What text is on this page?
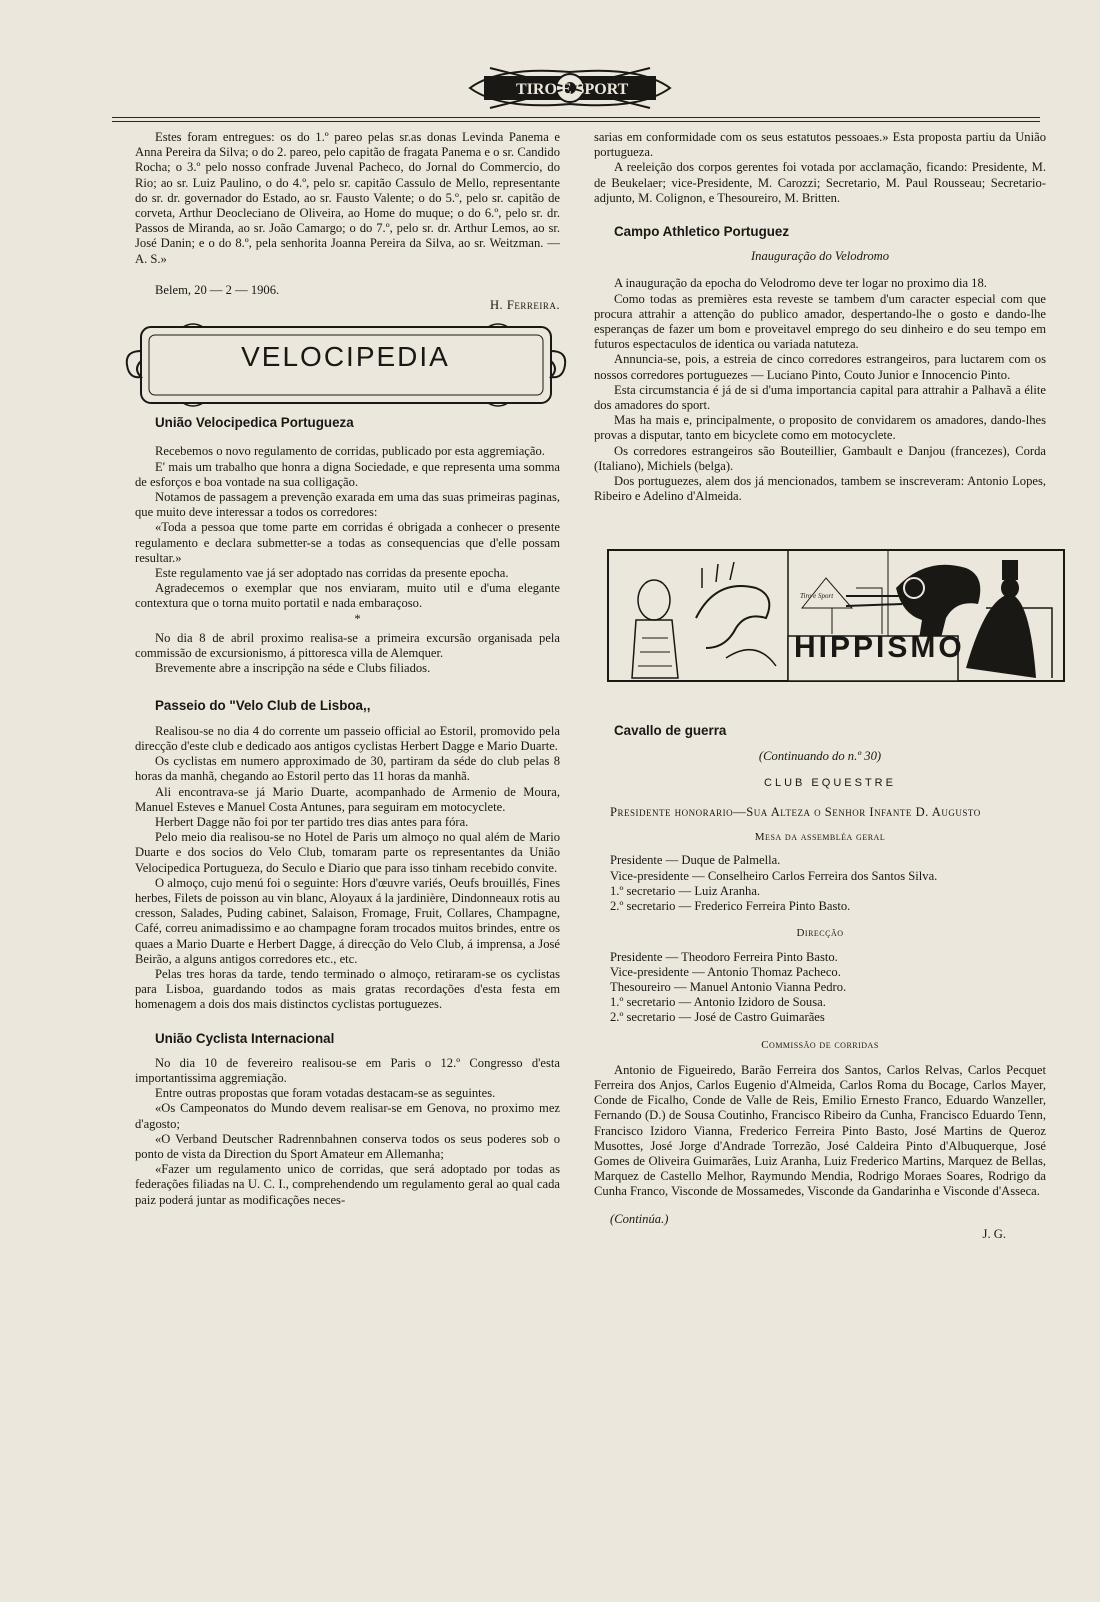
TIRO E SPORT

Estes foram entregues: os do 1.º pareo pelas sr.as donas Levinda Panema e Anna Pereira da Silva; o do 2. pareo, pelo capitão de fragata Panema e o sr. Candido Rocha; o 3.º pelo nosso confrade Juvenal Pacheco, do Jornal do Commercio, do Rio; ao sr. Luiz Paulino, o do 4.º, pelo sr. capitão Cassulo de Mello, representante do sr. dr. governador do Estado, ao sr. Fausto Valente; o do 5.º, pelo sr. capitão de corveta, Arthur Deocleciano de Oliveira, ao Home do muque; o do 6.º, pelo sr. dr. Passos de Miranda, ao sr. João Camargo; o do 7.º, pelo sr. dr. Arthur Lemos, ao sr. José Danin; e o do 8.º, pela senhorita Joanna Pereira da Silva, ao sr. Weitzman. — A. S.»

Belem, 20 — 2 — 1906.

H. Ferreira.

VELOCIPEDIA

União Velocipedica Portugueza

Recebemos o novo regulamento de corridas, publicado por esta aggremiação.

E' mais um trabalho que honra a digna Sociedade, e que representa uma somma de esforços e boa vontade na sua colligação.

Notamos de passagem a prevenção exarada em uma das suas primeiras paginas, que muito deve interessar a todos os corredores:

«Toda a pessoa que tome parte em corridas é obrigada a conhecer o presente regulamento e declara submetter-se a todas as consequencias que d'elle possam resultar.»

Este regulamento vae já ser adoptado nas corridas da presente epocha.

Agradecemos o exemplar que nos enviaram, muito util e d'uma elegante contextura que o torna muito portatil e nada embaraçoso.

*

No dia 8 de abril proximo realisa-se a primeira excursão organisada pela commissão de excursionismo, á pittoresca villa de Alemquer.

Brevemente abre a inscripção na séde e Clubs filiados.

Passeio do "Velo Club de Lisboa,,

Realisou-se no dia 4 do corrente um passeio official ao Estoril, promovido pela direcção d'este club e dedicado aos antigos cyclistas Herbert Dagge e Mario Duarte.

Os cyclistas em numero approximado de 30, partiram da séde do club pelas 8 horas da manhã, chegando ao Estoril perto das 11 horas da manhã.

Ali encontrava-se já Mario Duarte, acompanhado de Armenio de Moura, Manuel Esteves e Manuel Costa Antunes, para seguiram em motocyclete.

Herbert Dagge não foi por ter partido tres dias antes para fóra.

Pelo meio dia realisou-se no Hotel de Paris um almoço no qual além de Mario Duarte e dos socios do Velo Club, tomaram parte os representantes da União Velocipedica Portugueza, do Seculo e Diario que para isso tinham recebido convite.

O almoço, cujo menú foi o seguinte: Hors d'œuvre variés, Oeufs brouillés, Fines herbes, Filets de poisson au vin blanc, Aloyaux á la jardinière, Dindonneaux rotis au cresson, Salades, Puding cabinet, Salaison, Fromage, Fruit, Collares, Champagne, Café, correu animadissimo e ao champagne foram trocados muitos brindes, entre os quaes a Mario Duarte e Herbert Dagge, á direcção do Velo Club, á imprensa, a José Beirão, a alguns antigos corredores etc., etc.

Pelas tres horas da tarde, tendo terminado o almoço, retiraram-se os cyclistas para Lisboa, guardando todos as mais gratas recordações d'esta festa em homenagem a dois dos mais distinctos cyclistas portuguezes.

União Cyclista Internacional

No dia 10 de fevereiro realisou-se em Paris o 12.º Congresso d'esta importantissima aggremiação.

Entre outras propostas que foram votadas destacam-se as seguintes.

«Os Campeonatos do Mundo devem realisar-se em Genova, no proximo mez d'agosto;

«O Verband Deutscher Radrennbahnen conserva todos os seus poderes sob o ponto de vista da Direction du Sport Amateur em Allemanha;

«Fazer um regulamento unico de corridas, que será adoptado por todas as federações filiadas na U. C. I., comprehendendo um regulamento geral ao qual cada paiz poderá juntar as modificações neces-

sarias em conformidade com os seus estatutos pessoaes.» Esta proposta partiu da União portugueza.

A reeleição dos corpos gerentes foi votada por acclamação, ficando: Presidente, M. de Beukelaer; vice-Presidente, M. Carozzi; Secretario, M. Paul Rousseau; Secretario-adjunto, M. Colignon, e Thesoureiro, M. Britten.

Campo Athletico Portuguez

Inauguração do Velodromo

A inauguração da epocha do Velodromo deve ter logar no proximo dia 18.

Como todas as premières esta reveste se tambem d'um caracter especial com que procura attrahir a attenção do publico amador, despertando-lhe o gosto e dando-lhe esperanças de fazer um bom e proveitavel emprego do seu dinheiro e do seu tempo em futuros espectaculos de identica ou variada natuteza.

Annuncia-se, pois, a estreia de cinco corredores estrangeiros, para luctarem com os nossos corredores portuguezes — Luciano Pinto, Couto Junior e Innocencio Pinto.

Esta circumstancia é já de si d'uma importancia capital para attrahir a Palhavã a élite dos amadores do sport.

Mas ha mais e, principalmente, o proposito de convidarem os amadores, dando-lhes provas a disputar, tanto em bicyclete como em motocyclete.

Os corredores estrangeiros são Bouteillier, Gambault e Danjou (francezes), Corda (Italiano), Michiels (belga).

Dos portuguezes, alem dos já mencionados, tambem se inscreveram: Antonio Lopes, Ribeiro e Adelino d'Almeida.

Tiro e Sport
HIPPISMO

Cavallo de guerra

(Continuando do n.º 30)

CLUB EQUESTRE

Presidente honorario—Sua Alteza o Senhor Infante D. Augusto

Mesa da assembléa geral

Presidente — Duque de Palmella.

Vice-presidente — Conselheiro Carlos Ferreira dos Santos Silva.

1.º secretario — Luiz Aranha.

2.º secretario — Frederico Ferreira Pinto Basto.

Direcção

Presidente — Theodoro Ferreira Pinto Basto.

Vice-presidente — Antonio Thomaz Pacheco.

Thesoureiro — Manuel Antonio Vianna Pedro.

1.º secretario — Antonio Izidoro de Sousa.

2.º secretario — José de Castro Guimarães

Commissão de corridas

Antonio de Figueiredo, Barão Ferreira dos Santos, Carlos Relvas, Carlos Pecquet Ferreira dos Anjos, Carlos Eugenio d'Almeida, Carlos Roma du Bocage, Carlos Mayer, Conde de Ficalho, Conde de Valle de Reis, Emilio Ernesto Franco, Eduardo Wanzeller, Fernando (D.) de Sousa Coutinho, Francisco Ribeiro da Cunha, Francisco Eduardo Tenn, Francisco Izidoro Vianna, Frederico Ferreira Pinto Basto, José Martins de Queroz Musottes, José Jorge d'Andrade Torrezão, José Caldeira Pinto d'Albuquerque, José Gomes de Oliveira Guimarães, Luiz Aranha, Luiz Frederico Martins, Marquez de Bellas, Marquez de Castello Melhor, Raymundo Mendia, Rodrigo Moraes Soares, Rodrigo da Cunha Franco, Visconde de Mossamedes, Visconde da Gandarinha e Visconde d'Asseca.

(Continúa.)

J. G.
